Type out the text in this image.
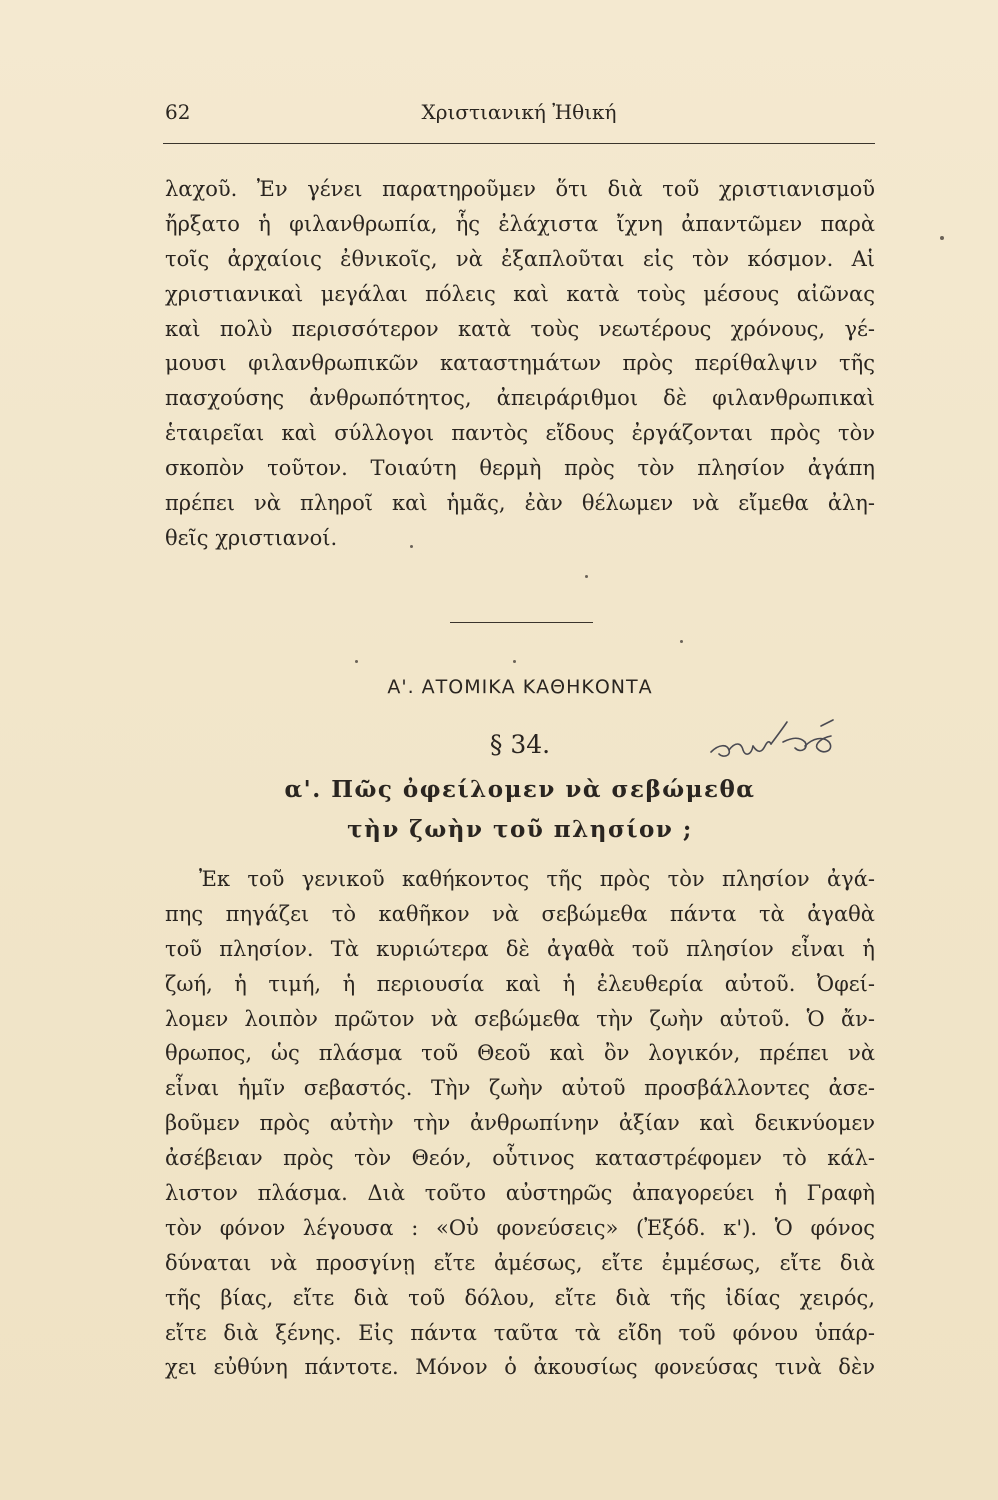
62	Χριστιανική Ἠθική
λαχοῦ. Ἐν γένει παρατηροῦμεν ὅτι διὰ τοῦ χριστιανισμοῦ
ἤρξατο ἡ φιλανθρωπία, ἧς ἐλάχιστα ἴχνη ἀπαντῶμεν παρὰ
τοῖς ἀρχαίοις ἐθνικοῖς, νὰ ἐξαπλοῦται εἰς τὸν κόσμον. Αἱ
χριστιανικαὶ μεγάλαι πόλεις καὶ κατὰ τοὺς μέσους αἰῶνας
καὶ πολὺ περισσότερον κατὰ τοὺς νεωτέρους χρόνους, γέ-
μουσι φιλανθρωπικῶν καταστημάτων πρὸς περίθαλψιν τῆς
πασχούσης ἀνθρωπότητος, ἀπειράριθμοι δὲ φιλανθρωπικαὶ
ἑταιρεῖαι καὶ σύλλογοι παντὸς εἴδους ἐργάζονται πρὸς τὸν
σκοπὸν τοῦτον. Τοιαύτη θερμὴ πρὸς τὸν πλησίον ἀγάπη
πρέπει νὰ πληροῖ καὶ ἡμᾶς, ἐὰν θέλωμεν νὰ εἴμεθα ἀλη-
θεῖς χριστιανοί.
Α'. ΑΤΟΜΙΚΑ ΚΑΘΗΚΟΝΤΑ
§ 34.
α'. Πῶς ὀφείλομεν νὰ σεβώμεθα
τὴν ζωὴν τοῦ πλησίον ;
Ἐκ τοῦ γενικοῦ καθήκοντος τῆς πρὸς τὸν πλησίον ἀγά-
πης πηγάζει τὸ καθῆκον νὰ σεβώμεθα πάντα τὰ ἀγαθὰ
τοῦ πλησίον. Τὰ κυριώτερα δὲ ἀγαθὰ τοῦ πλησίον εἶναι ἡ
ζωή, ἡ τιμή, ἡ περιουσία καὶ ἡ ἐλευθερία αὐτοῦ. Ὀφεί-
λομεν λοιπὸν πρῶτον νὰ σεβώμεθα τὴν ζωὴν αὐτοῦ. Ὁ ἄν-
θρωπος, ὡς πλάσμα τοῦ Θεοῦ καὶ ὂν λογικόν, πρέπει νὰ
εἶναι ἡμῖν σεβαστός. Τὴν ζωὴν αὐτοῦ προσβάλλοντες ἀσε-
βοῦμεν πρὸς αὐτὴν τὴν ἀνθρωπίνην ἀξίαν καὶ δεικνύομεν
ἀσέβειαν πρὸς τὸν Θεόν, οὗτινος καταστρέφομεν τὸ κάλ-
λιστον πλάσμα. Διὰ τοῦτο αὐστηρῶς ἀπαγορεύει ἡ Γραφὴ
τὸν φόνον λέγουσα : «Οὐ φονεύσεις» (Ἐξόδ. κ'). Ὁ φόνος
δύναται νὰ προσγίνῃ εἴτε ἀμέσως, εἴτε ἐμμέσως, εἴτε διὰ
τῆς βίας, εἴτε διὰ τοῦ δόλου, εἴτε διὰ τῆς ἰδίας χειρός,
εἴτε διὰ ξένης. Εἰς πάντα ταῦτα τὰ εἴδη τοῦ φόνου ὑπάρ-
χει εὐθύνη πάντοτε. Μόνον ὁ ἀκουσίως φονεύσας τινὰ δὲν
